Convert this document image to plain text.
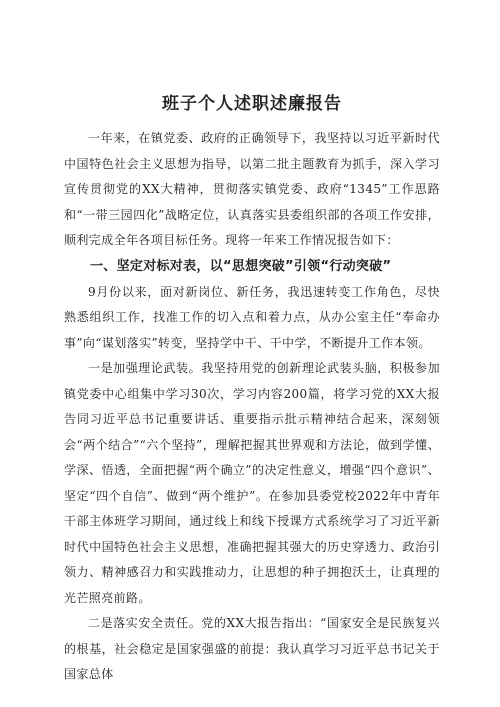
班子个人述职述廉报告

一年来，在镇党委、政府的正确领导下，我坚持以习近平新时代中国特色社会主义思想为指导，以第二批主题教育为抓手，深入学习宣传贯彻党的XX大精神，贯彻落实镇党委、政府“1345”工作思路和“一带三园四化”战略定位，认真落实县委组织部的各项工作安排，顺利完成全年各项目标任务。现将一年来工作情况报告如下：

一、坚定对标对表，以“思想突破”引领“行动突破”

9月份以来，面对新岗位、新任务，我迅速转变工作角色，尽快熟悉组织工作，找准工作的切入点和着力点，从办公室主任“奉命办事”向“谋划落实”转变，坚持学中干、干中学，不断提升工作本领。

一是加强理论武装。我坚持用党的创新理论武装头脑，积极参加镇党委中心组集中学习30次，学习内容200篇，将学习党的XX大报告同习近平总书记重要讲话、重要指示批示精神结合起来，深刻领会“两个结合”“六个坚持”，理解把握其世界观和方法论，做到学懂、学深、悟透，全面把握“两个确立”的决定性意义，增强“四个意识”、坚定“四个自信”、做到“两个维护”。在参加县委党校2022年中青年干部主体班学习期间，通过线上和线下授课方式系统学习了习近平新时代中国特色社会主义思想，准确把握其强大的历史穿透力、政治引领力、精神感召力和实践推动力，让思想的种子拥抱沃土，让真理的光芒照亮前路。

二是落实安全责任。党的XX大报告指出：“国家安全是民族复兴的根基，社会稳定是国家强盛的前提：我认真学习习近平总书记关于国家总体
